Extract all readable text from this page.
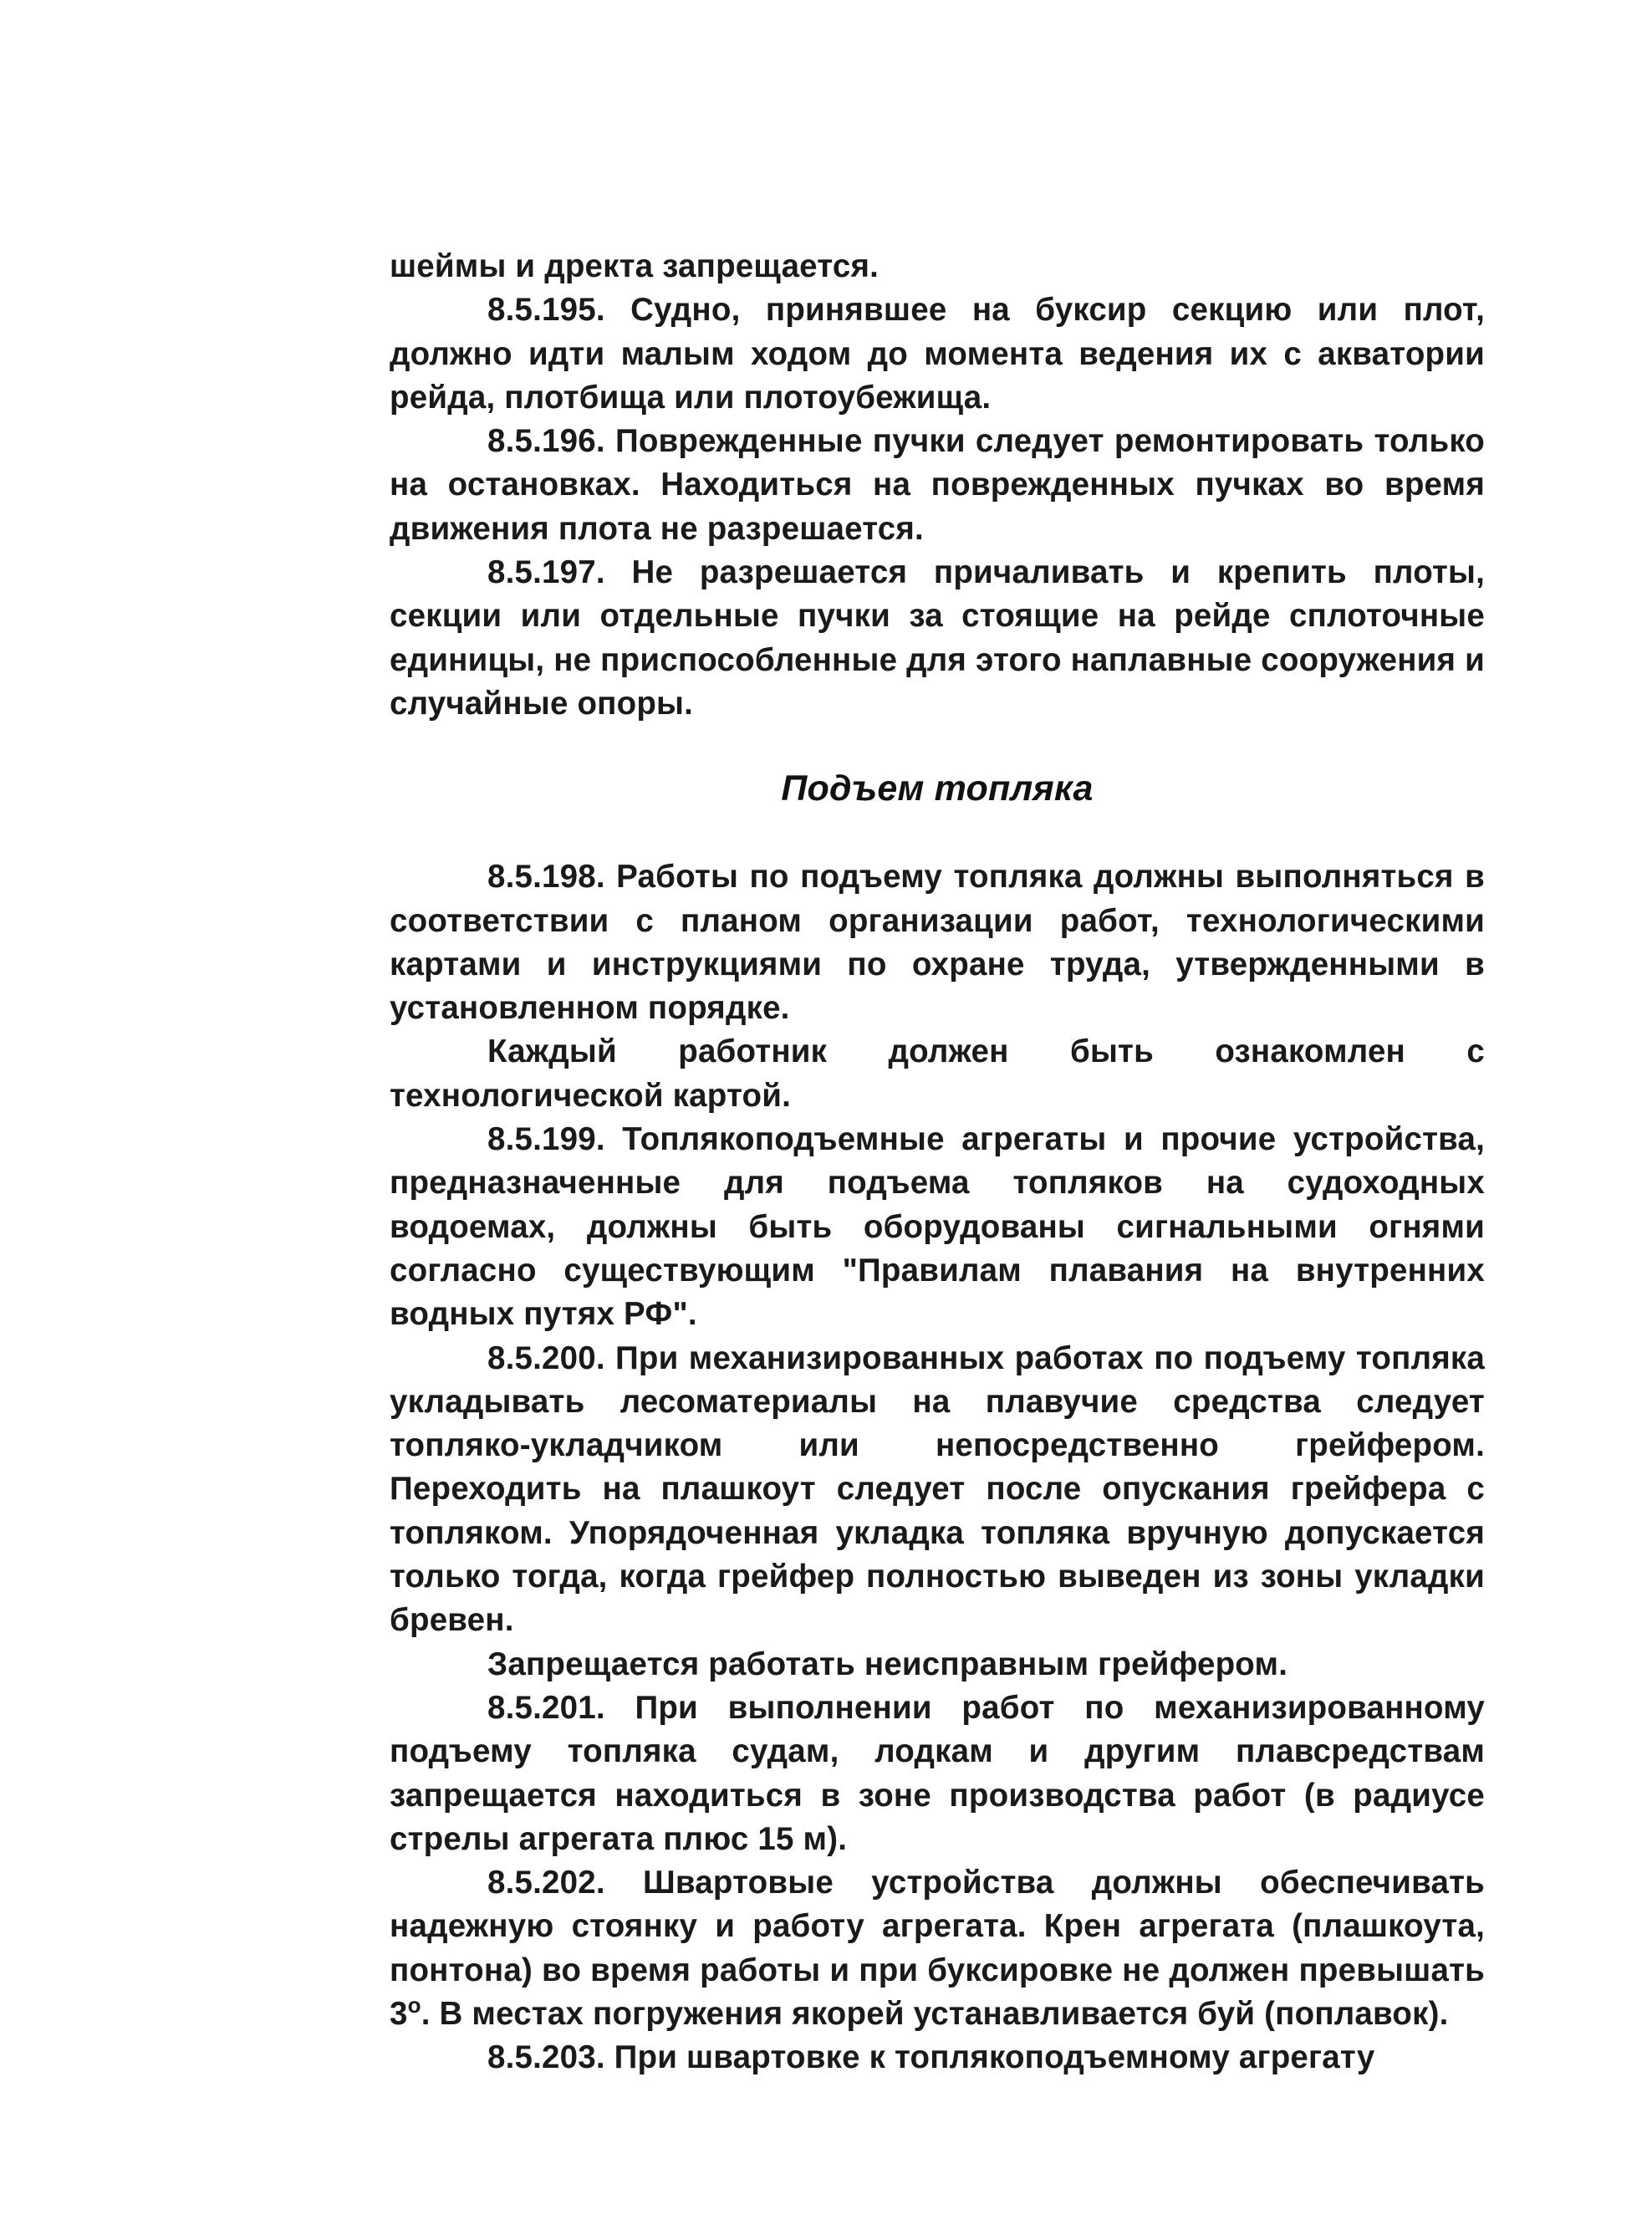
шеймы и дректа запрещается.

8.5.195. Судно, принявшее на буксир секцию или плот, должно идти малым ходом до момента ведения их с акватории рейда, плотбища или плотоубежища.

8.5.196. Поврежденные пучки следует ремонтировать только на остановках. Находиться на поврежденных пучках во время движения плота не разрешается.

8.5.197. Не разрешается причаливать и крепить плоты, секции или отдельные пучки за стоящие на рейде сплоточные единицы, не приспособленные для этого наплавные сооружения и случайные опоры.

Подъем топляка

8.5.198. Работы по подъему топляка должны выполняться в соответствии с планом организации работ, технологическими картами и инструкциями по охране труда, утвержденными в установленном порядке.

Каждый работник должен быть ознакомлен с технологической картой.

8.5.199. Топлякоподъемные агрегаты и прочие устройства, предназначенные для подъема топляков на судоходных водоемах, должны быть оборудованы сигнальными огнями согласно существующим "Правилам плавания на внутренних водных путях РФ".

8.5.200. При механизированных работах по подъему топляка укладывать лесоматериалы на плавучие средства следует топляко-укладчиком или непосредственно грейфером. Переходить на плашкоут следует после опускания грейфера с топляком. Упорядоченная укладка топляка вручную допускается только тогда, когда грейфер полностью выведен из зоны укладки бревен.

Запрещается работать неисправным грейфером.

8.5.201. При выполнении работ по механизированному подъему топляка судам, лодкам и другим плавсредствам запрещается находиться в зоне производства работ (в радиусе стрелы агрегата плюс 15 м).

8.5.202. Швартовые устройства должны обеспечивать надежную стоянку и работу агрегата. Крен агрегата (плашкоута, понтона) во время работы и при буксировке не должен превышать $3^о$. В местах погружения якорей устанавливается буй (поплавок).

8.5.203. При швартовке к топлякоподъемному агрегату
